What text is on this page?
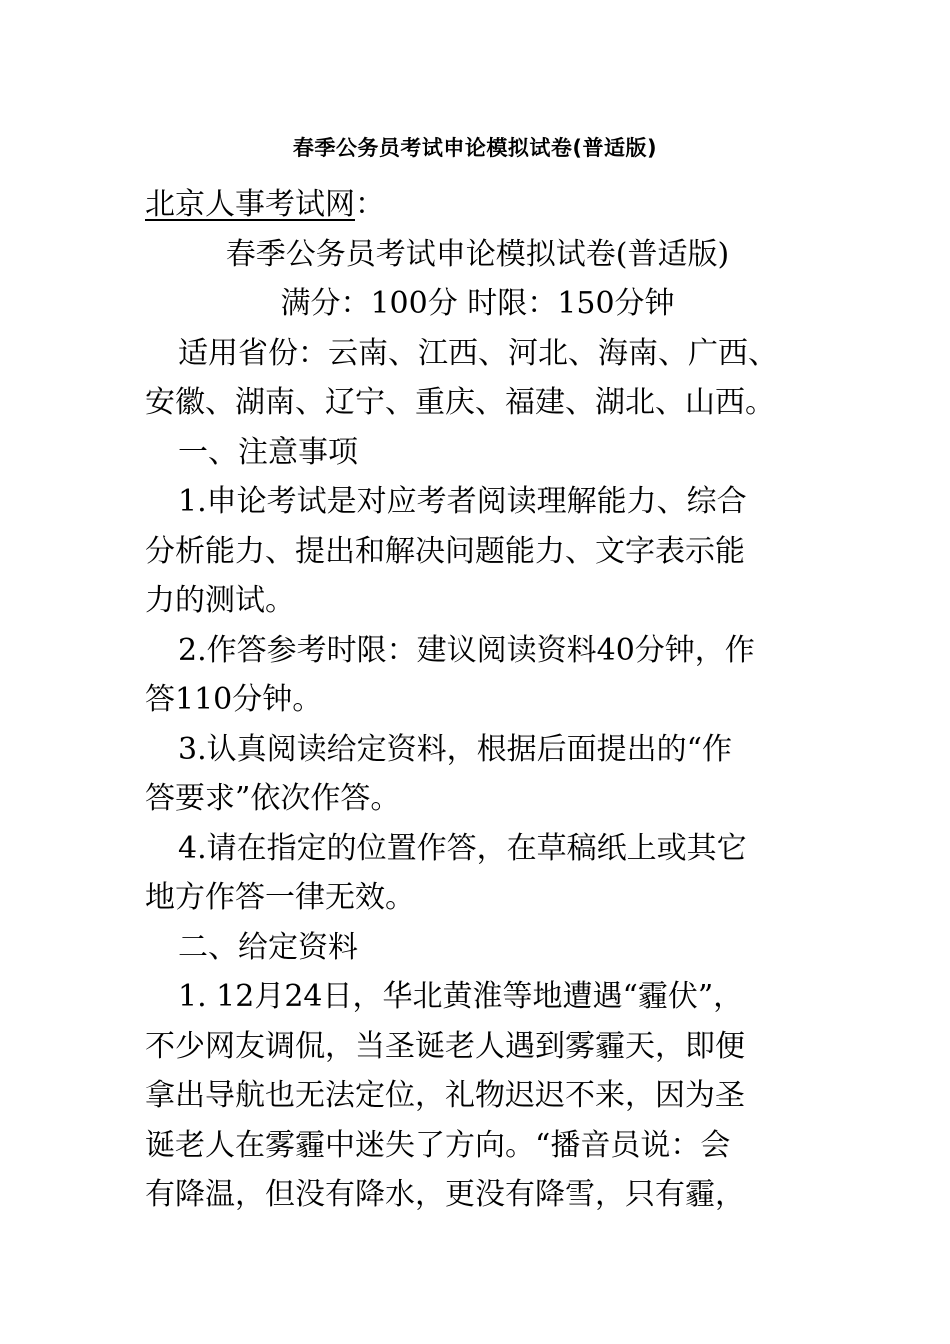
春季公务员考试申论模拟试卷(普适版)
北京人事考试网：
春季公务员考试申论模拟试卷(普适版)
满分：100分 时限：150分钟
适用省份：云南、江西、河北、海南、广西、
安徽、湖南、辽宁、重庆、福建、湖北、山西。
一、注意事项
1.申论考试是对应考者阅读理解能力、综合
分析能力、提出和解决问题能力、文字表示能
力的测试。
2.作答参考时限：建议阅读资料40分钟，作
答110分钟。
3.认真阅读给定资料，根据后面提出的“作
答要求”依次作答。
4.请在指定的位置作答，在草稿纸上或其它
地方作答一律无效。
二、给定资料
1. 12月24日，华北黄淮等地遭遇“霾伏”，
不少网友调侃，当圣诞老人遇到雾霾天，即便
拿出导航也无法定位，礼物迟迟不来，因为圣
诞老人在雾霾中迷失了方向。“播音员说：会
有降温，但没有降水，更没有降雪，只有霾，
